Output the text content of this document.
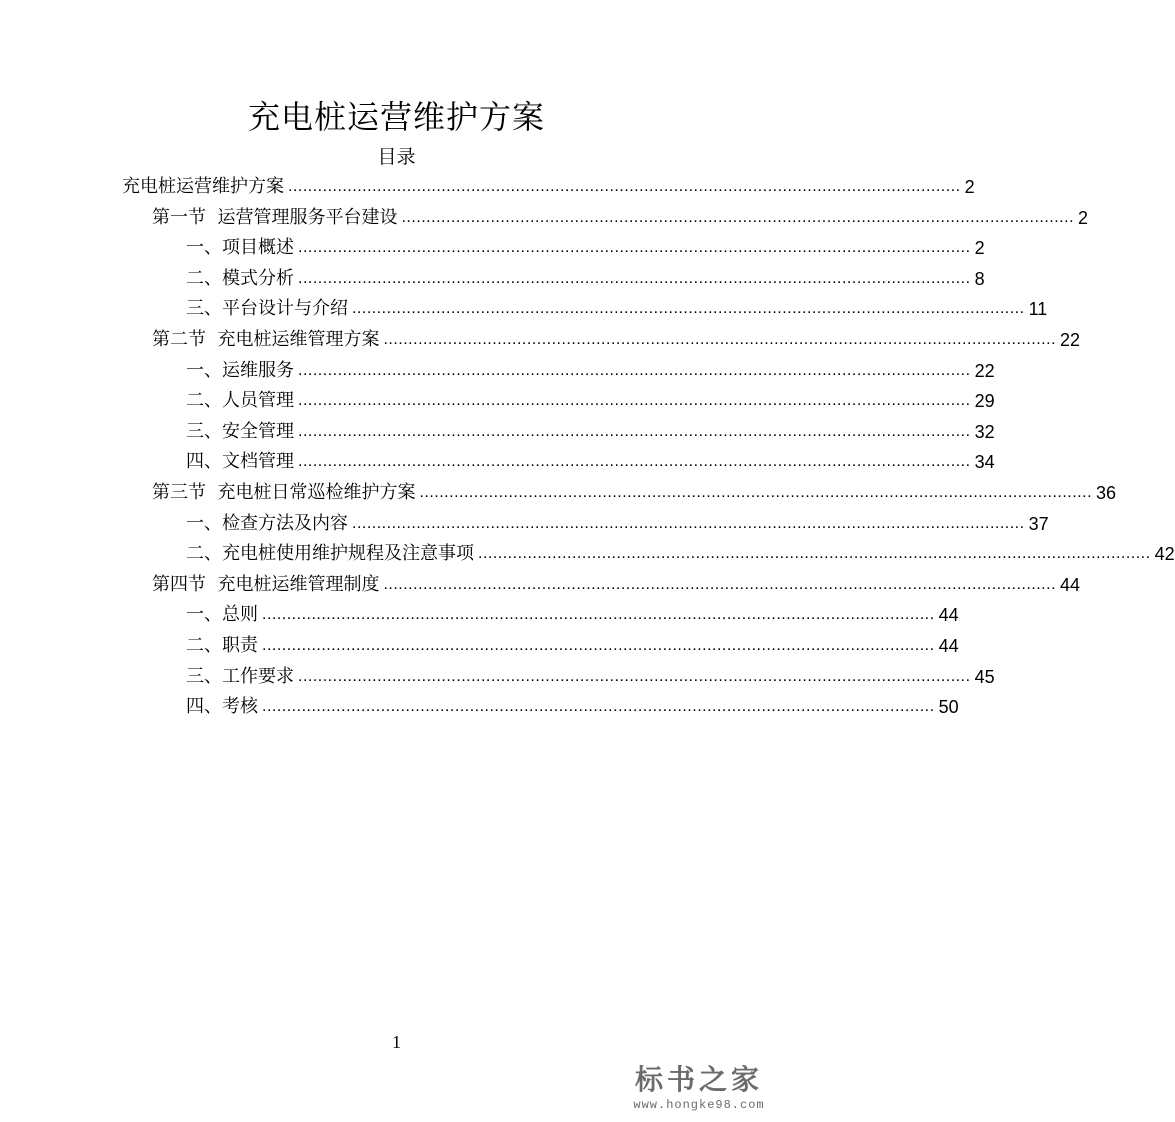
充电桩运营维护方案
目录
充电桩运营维护方案 ........................................................................................................................................ 2
第一节  运营管理服务平台建设 ........................................................................................................................................ 2
一、项目概述 ........................................................................................................................................ 2
二、模式分析 ........................................................................................................................................ 8
三、平台设计与介绍 ........................................................................................................................................ 11
第二节  充电桩运维管理方案 ........................................................................................................................................ 22
一、运维服务 ........................................................................................................................................ 22
二、人员管理 ........................................................................................................................................ 29
三、安全管理 ........................................................................................................................................ 32
四、文档管理 ........................................................................................................................................ 34
第三节  充电桩日常巡检维护方案 ........................................................................................................................................ 36
一、检查方法及内容 ........................................................................................................................................ 37
二、充电桩使用维护规程及注意事项 ........................................................................................................................................ 42
第四节  充电桩运维管理制度 ........................................................................................................................................ 44
一、总则 ........................................................................................................................................ 44
二、职责 ........................................................................................................................................ 44
三、工作要求 ........................................................................................................................................ 45
四、考核 ........................................................................................................................................ 50
1
标书之家
www.hongke98.com
